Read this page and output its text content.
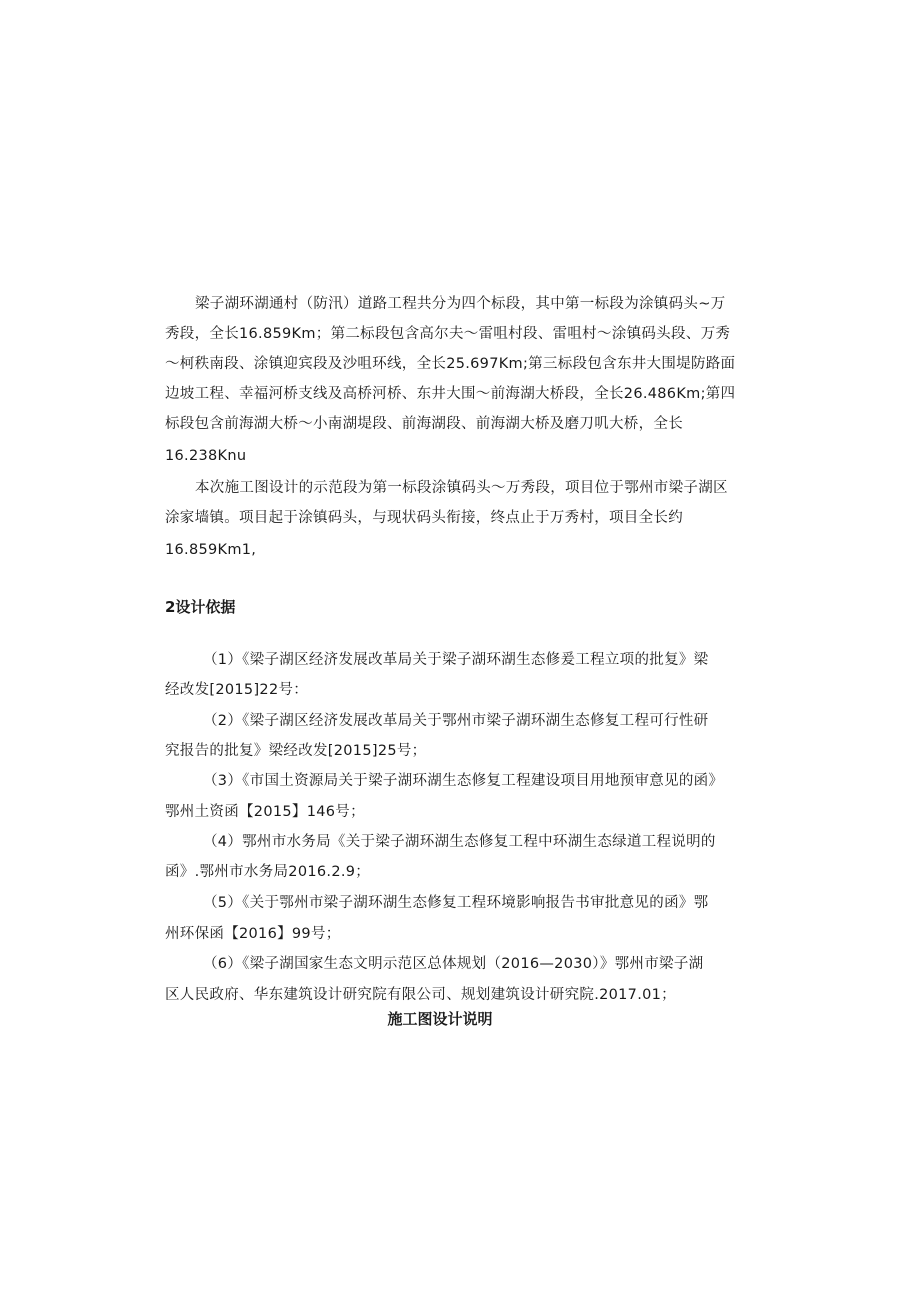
梁子湖环湖通村（防汛）道路工程共分为四个标段，其中第一标段为涂镇码头~万
秀段，全长16.859Km；第二标段包含高尔夫～雷咀村段、雷咀村～涂镇码头段、万秀
～柯秩南段、涂镇迎宾段及沙咀环线，全长25.697Km;第三标段包含东井大围堤防路面
边坡工程、幸福河桥支线及高桥河桥、东井大围～前海湖大桥段，全长26.486Km;第四
标段包含前海湖大桥～小南湖堤段、前海湖段、前海湖大桥及磨刀叽大桥，全长
16.238Knu
本次施工图设计的示范段为第一标段涂镇码头～万秀段，项目位于鄂州市梁子湖区
涂家墙镇。项目起于涂镇码头，与现状码头衔接，终点止于万秀村，项目全长约
16.859Km1,
2设计依据
（1）《梁子湖区经济发展改革局关于梁子湖环湖生态修爰工程立项的批复》梁
经改发[2015]22号：
（2）《梁子湖区经济发展改革局关于鄂州市梁子湖环湖生态修复工程可行性研
究报告的批复》梁经改发[2015]25号；
（3）《市国土资源局关于梁子湖环湖生态修复工程建设项目用地预审意见的函》
鄂州土资函【2015】146号；
（4）鄂州市水务局《关于梁子湖环湖生态修复工程中环湖生态绿道工程说明的
函》.鄂州市水务局2016.2.9；
（5）《关于鄂州市梁子湖环湖生态修复工程环境影响报告书审批意见的函》鄂
州环保函【2016】99号；
（6）《梁子湖国家生态文明示范区总体规划（2016—2030）》鄂州市梁子湖
区人民政府、华东建筑设计研究院有限公司、规划建筑设计研究院.2017.01；
施工图设计说明
